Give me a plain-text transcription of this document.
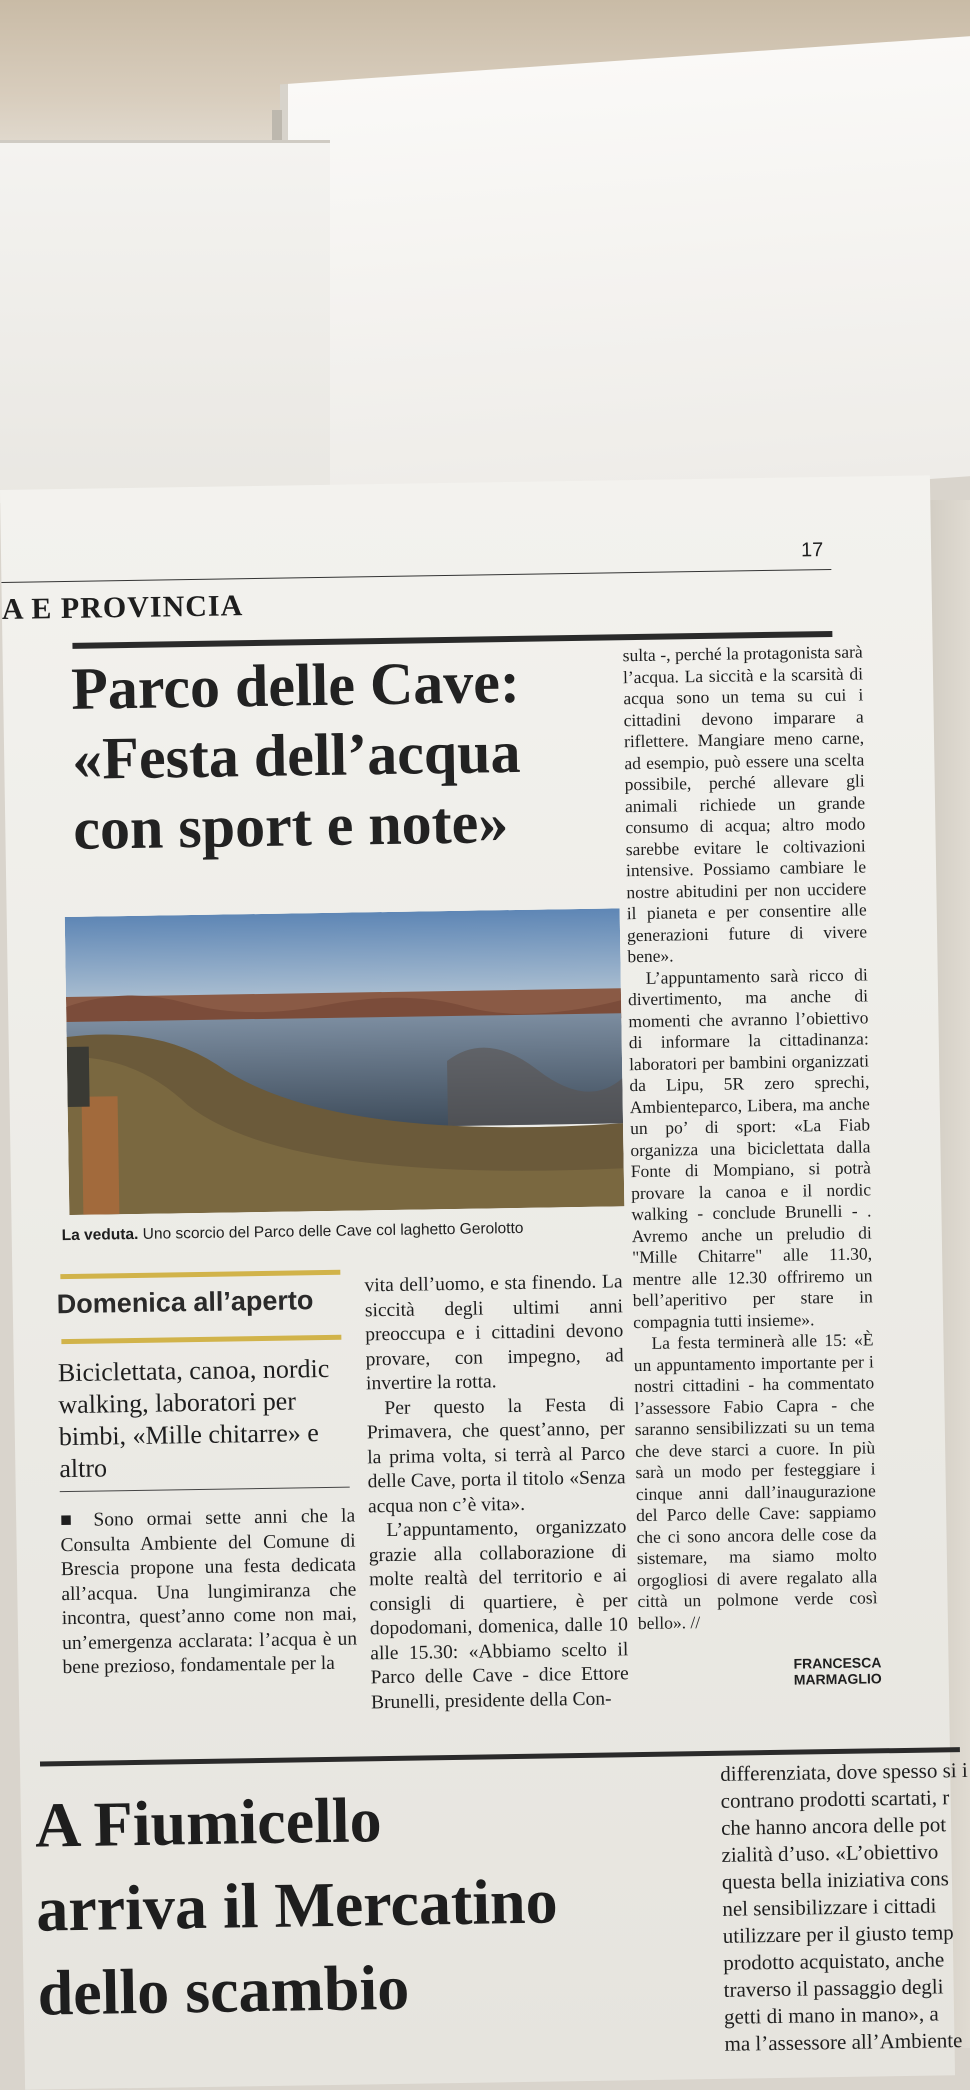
17
A E PROVINCIA
Parco delle Cave:
«Festa dell’acqua
con sport e note»
La veduta. Uno scorcio del Parco delle Cave col laghetto Gerolotto
Domenica all’aperto
Biciclettata, canoa, nordic walking, laboratori per bimbi, «Mille chitarre» e altro

■ Sono ormai sette anni che la Consulta Ambiente del Comune di Brescia propone una festa dedicata all’acqua. Una lungimiranza che incontra, quest’anno come non mai, un’emergenza acclarata: l’acqua è un bene prezioso, fondamentale per la

vita dell’uomo, e sta finendo. La siccità degli ultimi anni preoccupa e i cittadini devono provare, con impegno, ad invertire la rotta.

Per questo la Festa di Primavera, che quest’anno, per la prima volta, si terrà al Parco delle Cave, porta il titolo «Senza acqua non c’è vita».

L’appuntamento, organizzato grazie alla collaborazione di molte realtà del territorio e ai consigli di quartiere, è per dopodomani, domenica, dalle 10 alle 15.30: «Abbiamo scelto il Parco delle Cave - dice Ettore Brunelli, presidente della Con-

sulta -, perché la protagonista sarà l’acqua. La siccità e la scarsità di acqua sono un tema su cui i cittadini devono imparare a riflettere. Mangiare meno carne, ad esempio, può essere una scelta possibile, perché allevare gli animali richiede un grande consumo di acqua; altro modo sarebbe evitare le coltivazioni intensive. Possiamo cambiare le nostre abitudini per non uccidere il pianeta e per consentire alle generazioni future di vivere bene».

L’appuntamento sarà ricco di divertimento, ma anche di momenti che avranno l’obiettivo di informare la cittadinanza: laboratori per bambini organizzati da Lipu, 5R zero sprechi, Ambienteparco, Libera, ma anche un po’ di sport: «La Fiab organizza una biciclettata dalla Fonte di Mompiano, si potrà provare la canoa e il nordic walking - conclude Brunelli - . Avremo anche un preludio di "Mille Chitarre" alle 11.30, mentre alle 12.30 offriremo un bell’aperitivo per stare in compagnia tutti insieme».

La festa terminerà alle 15: «È un appuntamento importante per i nostri cittadini - ha commentato l’assessore Fabio Capra - che saranno sensibilizzati su un tema che deve starci a cuore. In più sarà un modo per festeggiare i cinque anni dall’inaugurazione del Parco delle Cave: sappiamo che ci sono ancora delle cose da sistemare, ma siamo molto orgogliosi di avere regalato alla città un polmone verde così bello». //

FRANCESCA MARMAGLIO
A Fiumicello
arriva il Mercatino
dello scambio

differenziata, dove spesso si i

contrano prodotti scartati, r

che hanno ancora delle pot

zialità d’uso. «L’obiettivo

questa bella iniziativa cons

nel sensibilizzare i cittadi

utilizzare per il giusto temp

prodotto acquistato, anche

traverso il passaggio degli

getti di mano in mano», a

ma l’assessore all’Ambiente
